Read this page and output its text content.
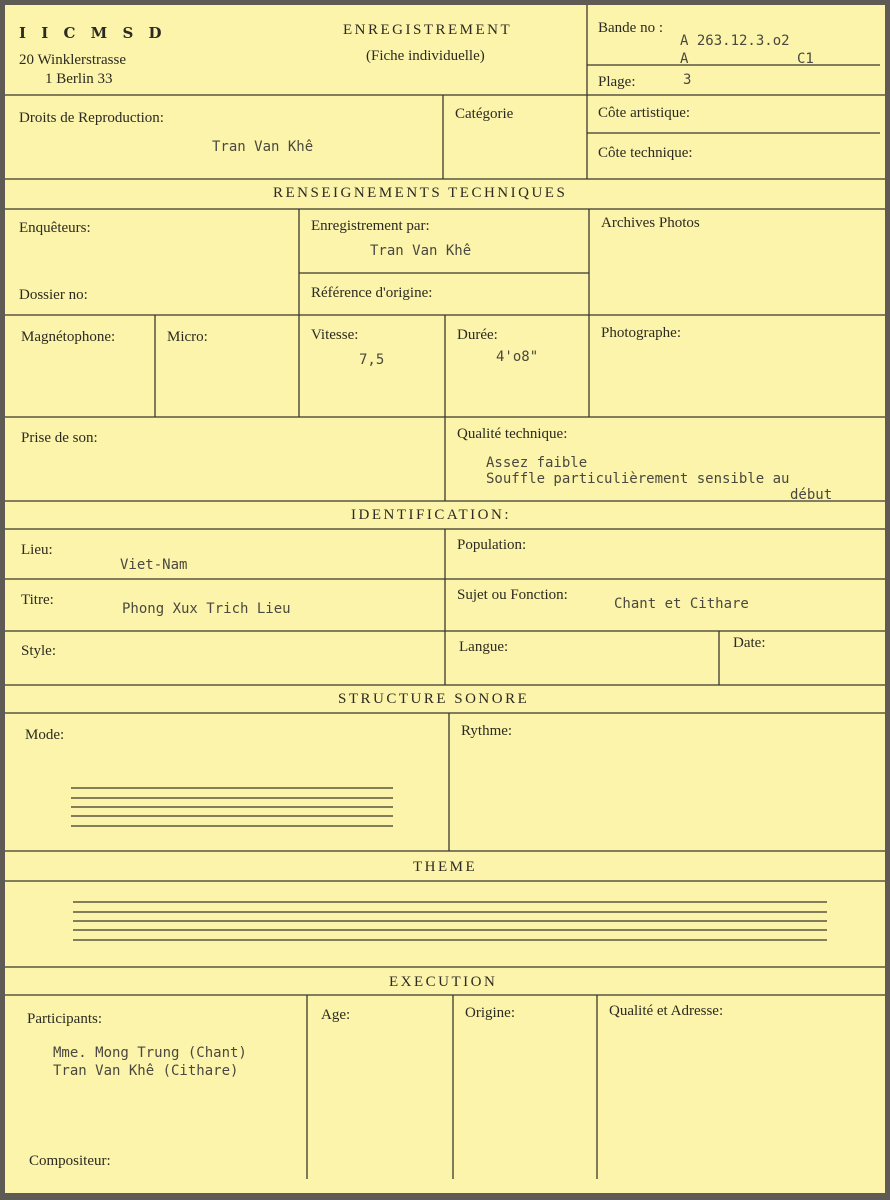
I I C M S D
20 Winklerstrasse
1 Berlin 33
ENREGISTREMENT
(Fiche individuelle)
Bande no :
A 263.12.3.o2
A	C1
Plage:	3
Droits de Reproduction:
Tran Van Khê
Catégorie	Côte artistique:
Côte technique:
RENSEIGNEMENTS TECHNIQUES
Enquêteurs:	Enregistrement par:
Tran Van Khê
Archives Photos
Dossier no:	Référence d'origine:
Magnétophone:	Micro:	Vitesse:
7,5
Durée:
4'o8"
Photographe:
Prise de son:	Qualité technique:
Assez faible
Souffle particulièrement sensible au
début
IDENTIFICATION:
Lieu:
Viet-Nam
Population:
Titre:
Phong Xux Trich Lieu
Sujet ou Fonction:
Chant et Cithare
Style:	Langue:	Date:
STRUCTURE SONORE
Mode:	Rythme:
THEME
EXECUTION
Participants:
Mme. Mong Trung (Chant)
Tran Van Khê (Cithare)
Age:	Origine:	Qualité et Adresse:
Compositeur:
